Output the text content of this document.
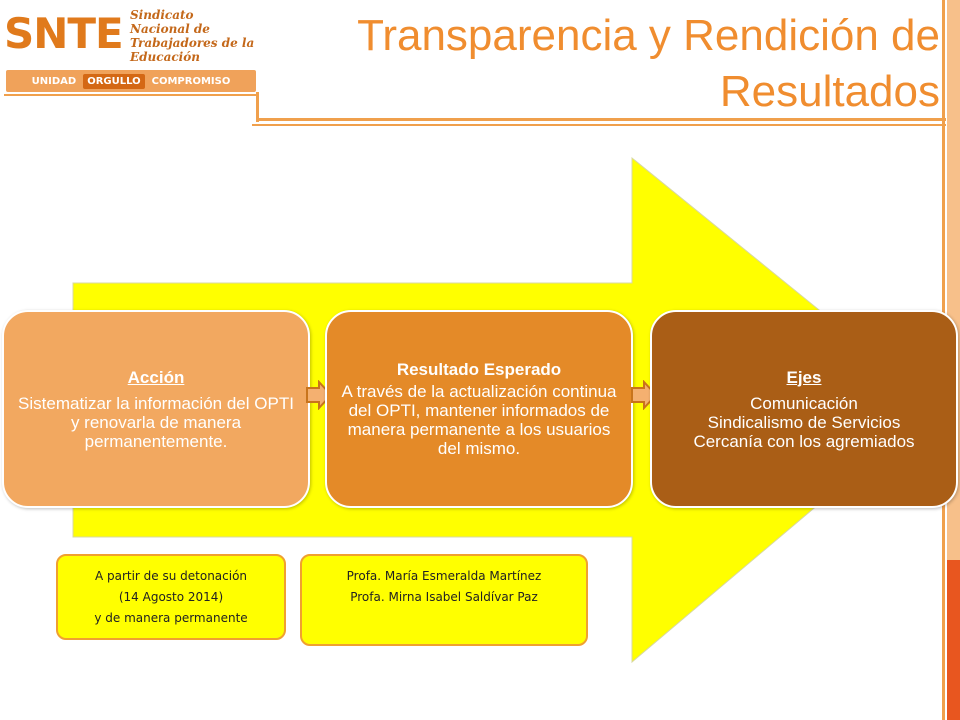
SNTE Sindicato
Nacional de
Trabajadores de la
Educación
UNIDAD	ORGULLO	COMPROMISO
Transparencia y Rendición de Resultados
Acción
Sistematizar la información del OPTI y renovarla de manera permanentemente.
Resultado Esperado
A través de la actualización continua del OPTI, mantener informados de manera permanente a los usuarios del mismo.
Ejes
Comunicación
Sindicalismo de Servicios
Cercanía con los agremiados
A partir de su detonación
(14 Agosto 2014)
y de manera permanente
Profa. María Esmeralda Martínez
Profa. Mirna Isabel Saldívar Paz
